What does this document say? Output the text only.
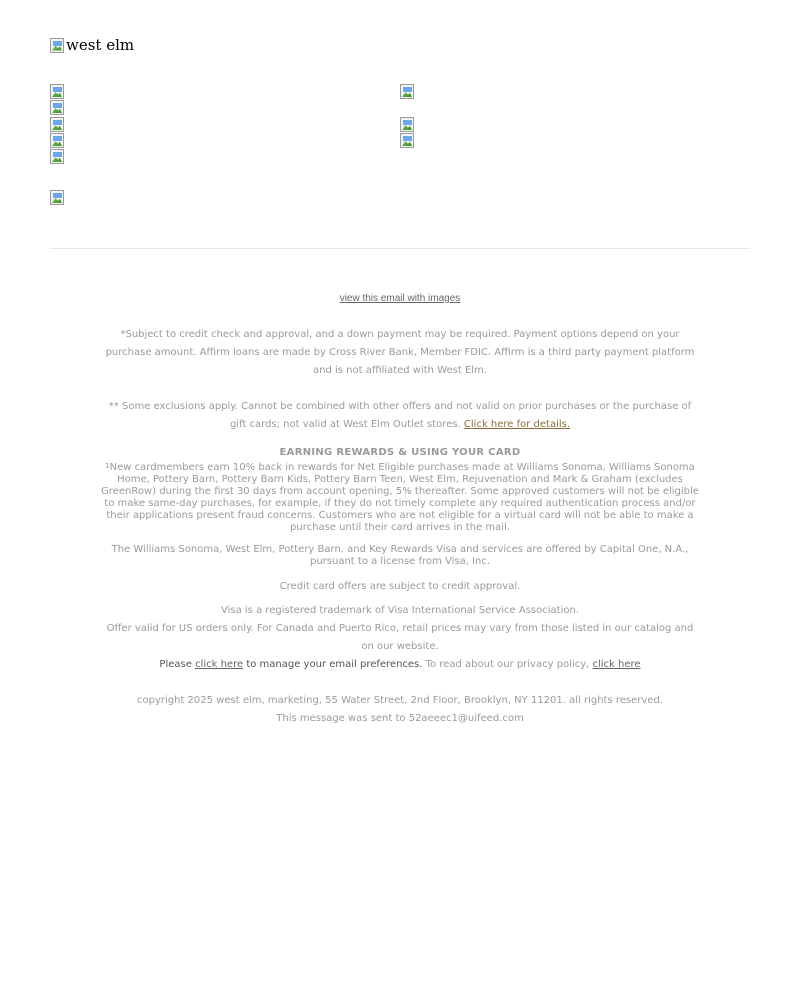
west elm

view this email with images

*Subject to credit check and approval, and a down payment may be required. Payment options depend on your purchase amount. Affirm loans are made by Cross River Bank, Member FDIC. Affirm is a third party payment platform and is not affiliated with West Elm.

** Some exclusions apply. Cannot be combined with other offers and not valid on prior purchases or the purchase of gift cards; not valid at West Elm Outlet stores. Click here for details.

EARNING REWARDS & USING YOUR CARD

$^1$New cardmembers earn 10% back in rewards for Net Eligible purchases made at Williams Sonoma, Williams Sonoma Home, Pottery Barn, Pottery Barn Kids, Pottery Barn Teen, West Elm, Rejuvenation and Mark & Graham (excludes GreenRow) during the first 30 days from account opening, 5% thereafter. Some approved customers will not be eligible to make same-day purchases, for example, if they do not timely complete any required authentication process and/or their applications present fraud concerns. Customers who are not eligible for a virtual card will not be able to make a purchase until their card arrives in the mail.

The Williams Sonoma, West Elm, Pottery Barn, and Key Rewards Visa and services are offered by Capital One, N.A., pursuant to a license from Visa, Inc.

Credit card offers are subject to credit approval.

Visa is a registered trademark of Visa International Service Association.

Offer valid for US orders only. For Canada and Puerto Rico, retail prices may vary from those listed in our catalog and on our website.

Please click here to manage your email preferences. To read about our privacy policy, click here

copyright 2025 west elm, marketing, 55 Water Street, 2nd Floor, Brooklyn, NY 11201. all rights reserved.

This message was sent to 52aeeec1@uifeed.com
